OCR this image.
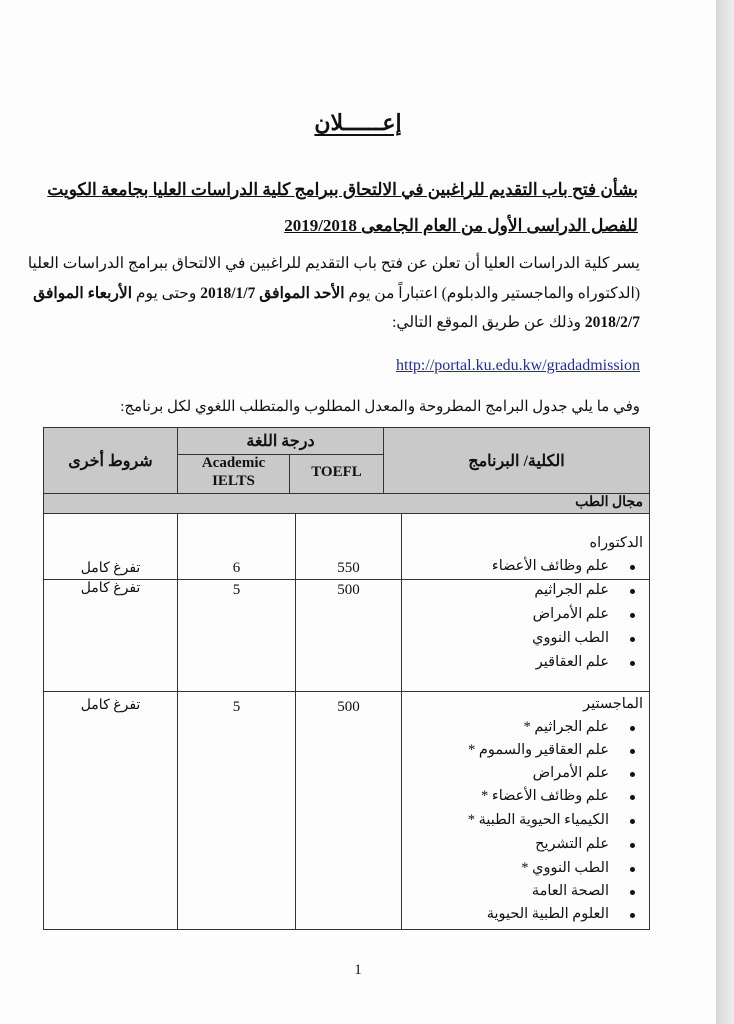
إعــــــلان
بشأن فتح باب التقديم للراغبين في الالتحاق ببرامج كلية الدراسات العليا بجامعة الكويت
للفصل الدراسى الأول من العام الجامعى 2019/2018
يسر كلية الدراسات العليا أن تعلن عن فتح باب التقديم للراغبين في الالتحاق ببرامج الدراسات العليا
(الدكتوراه والماجستير والدبلوم) اعتباراً من يوم الأحد الموافق 2018/1/7 وحتى يوم الأربعاء الموافق
2018/2/7 وذلك عن طريق الموقع التالي:
http://portal.ku.edu.kw/gradadmission
وفي ما يلي جدول البرامج المطروحة والمعدل المطلوب والمتطلب اللغوي لكل برنامج:
الكلية/ البرنامج
درجة اللغة
TOEFL
Academic
IELTS
شروط أخرى
مجال الطب
الدكتوراه
علم وظائف الأعضاء
550
6
تفرغ كامل
علم الجراثيم
علم الأمراض
الطب النووي
علم العقاقير
500
5
تفرغ كامل
الماجستير
500
5
تفرغ كامل
علم الجراثيم *
علم العقاقير والسموم *
علم الأمراض
علم وظائف الأعضاء *
الكيمياء الحيوية الطبية *
علم التشريح
الطب النووي *
الصحة العامة
العلوم الطبية الحيوية
1
